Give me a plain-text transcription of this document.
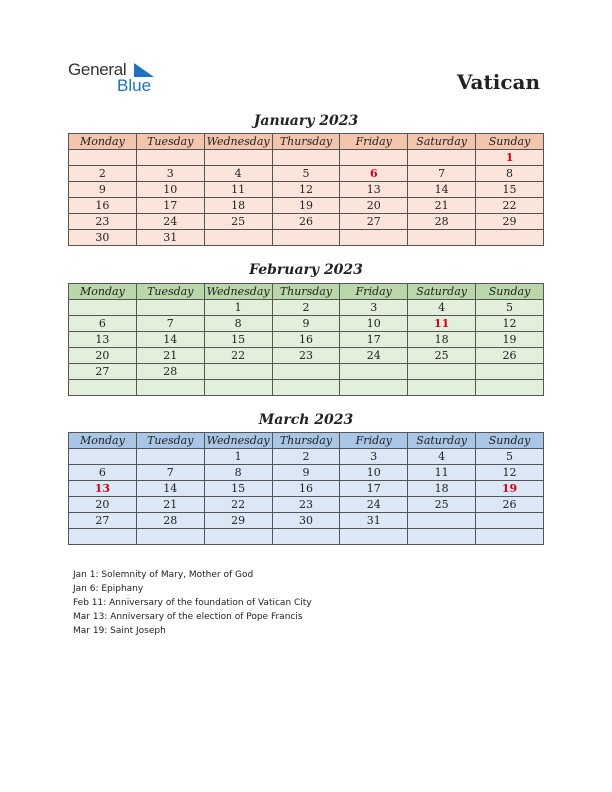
General
Blue	Vatican
January 2023
Monday	Tuesday	Wednesday	Thursday	Friday	Saturday	Sunday
						1
2	3	4	5	6	7	8
9	10	11	12	13	14	15
16	17	18	19	20	21	22
23	24	25	26	27	28	29
30	31					
February 2023
Monday	Tuesday	Wednesday	Thursday	Friday	Saturday	Sunday
		1	2	3	4	5
6	7	8	9	10	11	12
13	14	15	16	17	18	19
20	21	22	23	24	25	26
27	28					

March 2023
Monday	Tuesday	Wednesday	Thursday	Friday	Saturday	Sunday
		1	2	3	4	5
6	7	8	9	10	11	12
13	14	15	16	17	18	19
20	21	22	23	24	25	26
27	28	29	30	31		

Jan 1: Solemnity of Mary, Mother of God
Jan 6: Epiphany
Feb 11: Anniversary of the foundation of Vatican City
Mar 13: Anniversary of the election of Pope Francis
Mar 19: Saint Joseph
